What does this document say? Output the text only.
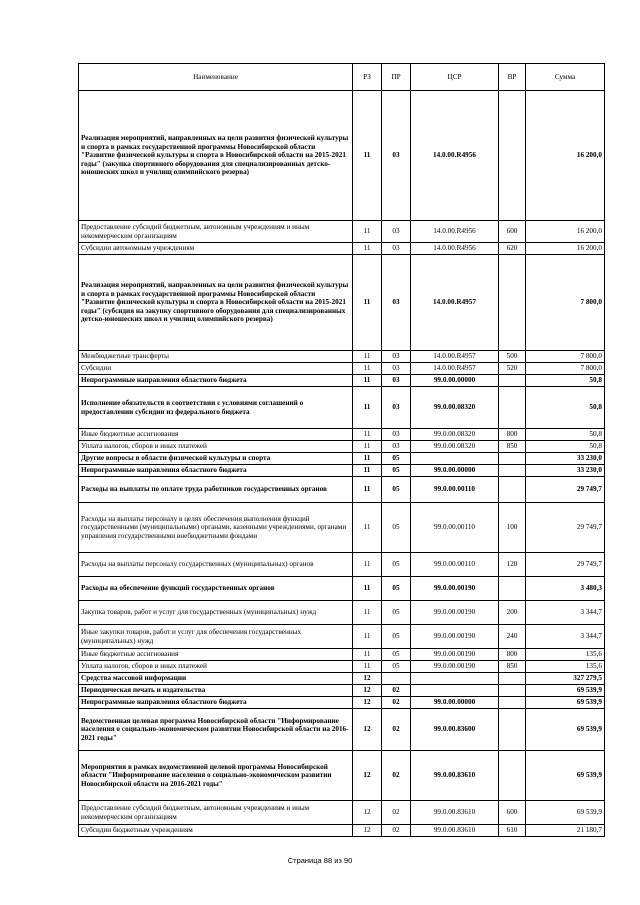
Наименование	РЗ	ПР	ЦСР	ВР	Сумма
Реализация мероприятий, направленных на цели развития физической культуры и спорта в рамках государственной программы Новосибирской области "Развитие физической культуры и спорта в Новосибирской области на 2015-2021 годы" (закупка спортивного оборудования для специализированных детско-юношеских школ и училищ олимпийского резерва)	11	03	14.0.00.R4956		16 200,0
Предоставление субсидий бюджетным, автономным учреждениям и иным некоммерческим организациям	11	03	14.0.00.R4956	600	16 200,0
Субсидии автономным учреждениям	11	03	14.0.00.R4956	620	16 200,0
Реализация мероприятий, направленных на цели развития физической культуры и спорта в рамках государственной программы Новосибирской области "Развитие физической культуры и спорта в Новосибирской области на 2015-2021 годы" (субсидия на закупку спортивного оборудования для специализированных детско-юношеских школ и училищ олимпийского резерва)	11	03	14.0.00.R4957		7 800,0
Межбюджетные трансферты	11	03	14.0.00.R4957	500	7 800,0
Субсидии	11	03	14.0.00.R4957	520	7 800,0
Непрограммные направления областного бюджета	11	03	99.0.00.00000		50,8
Исполнение обязательств в соответствии с условиями соглашений о предоставлении субсидии из федерального бюджета	11	03	99.0.00.08320		50,8
Иные бюджетные ассигнования	11	03	99.0.00.08320	800	50,8
Уплата налогов, сборов и иных платежей	11	03	99.0.00.08320	850	50,8
Другие вопросы в области физической культуры и спорта	11	05			33 230,0
Непрограммные направления областного бюджета	11	05	99.0.00.00000		33 230,0
Расходы на выплаты по оплате труда работников государственных органов	11	05	99.0.00.00110		29 749,7
Расходы на выплаты персоналу в целях обеспечения выполнения функций государственными (муниципальными) органами, казенными учреждениями, органами управления государственными внебюджетными фондами	11	05	99.0.00.00110	100	29 749,7
Расходы на выплаты персоналу государственных (муниципальных) органов	11	05	99.0.00.00110	120	29 749,7
Расходы на обеспечение функций государственных органов	11	05	99.0.00.00190		3 480,3
Закупка товаров, работ и услуг для государственных (муниципальных) нужд	11	05	99.0.00.00190	200	3 344,7
Иные закупки товаров, работ и услуг для обеспечения государственных (муниципальных) нужд	11	05	99.0.00.00190	240	3 344,7
Иные бюджетные ассигнования	11	05	99.0.00.00190	800	135,6
Уплата налогов, сборов и иных платежей	11	05	99.0.00.00190	850	135,6
Средства массовой информации	12				327 279,5
Периодическая печать и издательства	12	02			69 539,9
Непрограммные направления областного бюджета	12	02	99.0.00.00000		69 539,9
Ведомственная целевая программа Новосибирской области "Информирование населения о социально-экономическом развитии Новосибирской области на 2016-2021 годы"	12	02	99.0.00.83600		69 539,9
Мероприятия в рамках ведомственной целевой программы Новосибирской области "Информирование населения о социально-экономическом развитии Новосибирской области на 2016-2021 годы"	12	02	99.0.00.83610		69 539,9
Предоставление субсидий бюджетным, автономным учреждениям и иным некоммерческим организациям	12	02	99.0.00.83610	600	69 539,9
Субсидии бюджетным учреждениям	12	02	99.0.00.83610	610	21 180,7
Страница 88 из 90
